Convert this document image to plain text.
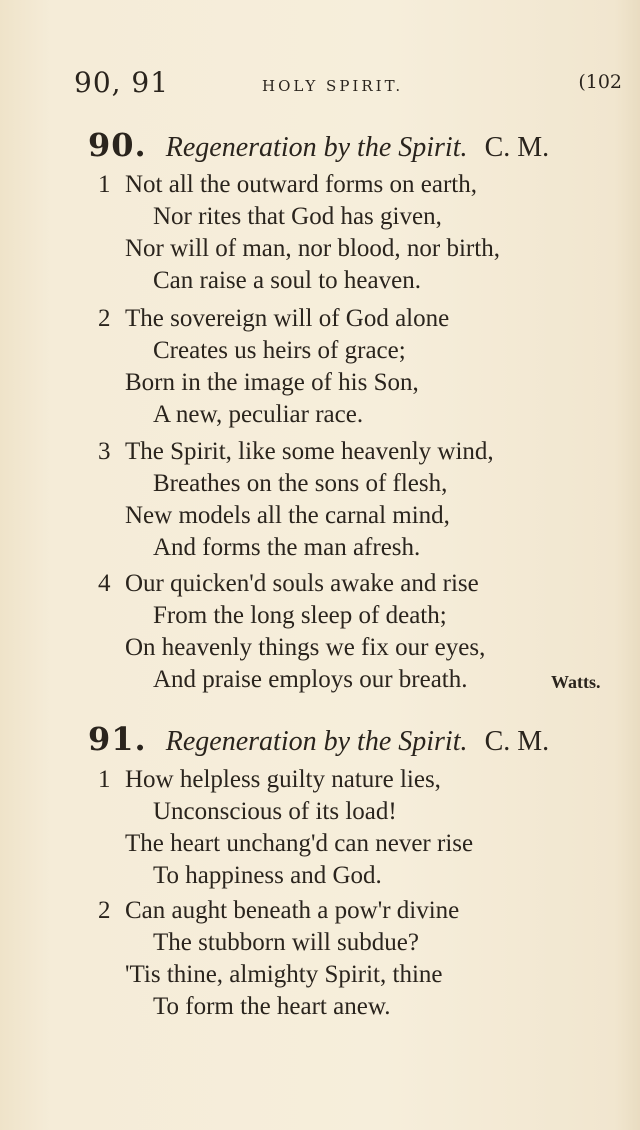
90, 91	HOLY SPIRIT.	(102
90. Regeneration by the Spirit. C. M.
1 Not all the outward forms on earth,
Nor rites that God has given,
Nor will of man, nor blood, nor birth,
Can raise a soul to heaven.
2 The sovereign will of God alone
Creates us heirs of grace;
Born in the image of his Son,
A new, peculiar race.
3 The Spirit, like some heavenly wind,
Breathes on the sons of flesh,
New models all the carnal mind,
And forms the man afresh.
4 Our quicken'd souls awake and rise
From the long sleep of death;
On heavenly things we fix our eyes,
And praise employs our breath.	Watts.
91. Regeneration by the Spirit. C. M.
1 How helpless guilty nature lies,
Unconscious of its load!
The heart unchang'd can never rise
To happiness and God.
2 Can aught beneath a pow'r divine
The stubborn will subdue?
'Tis thine, almighty Spirit, thine
To form the heart anew.
